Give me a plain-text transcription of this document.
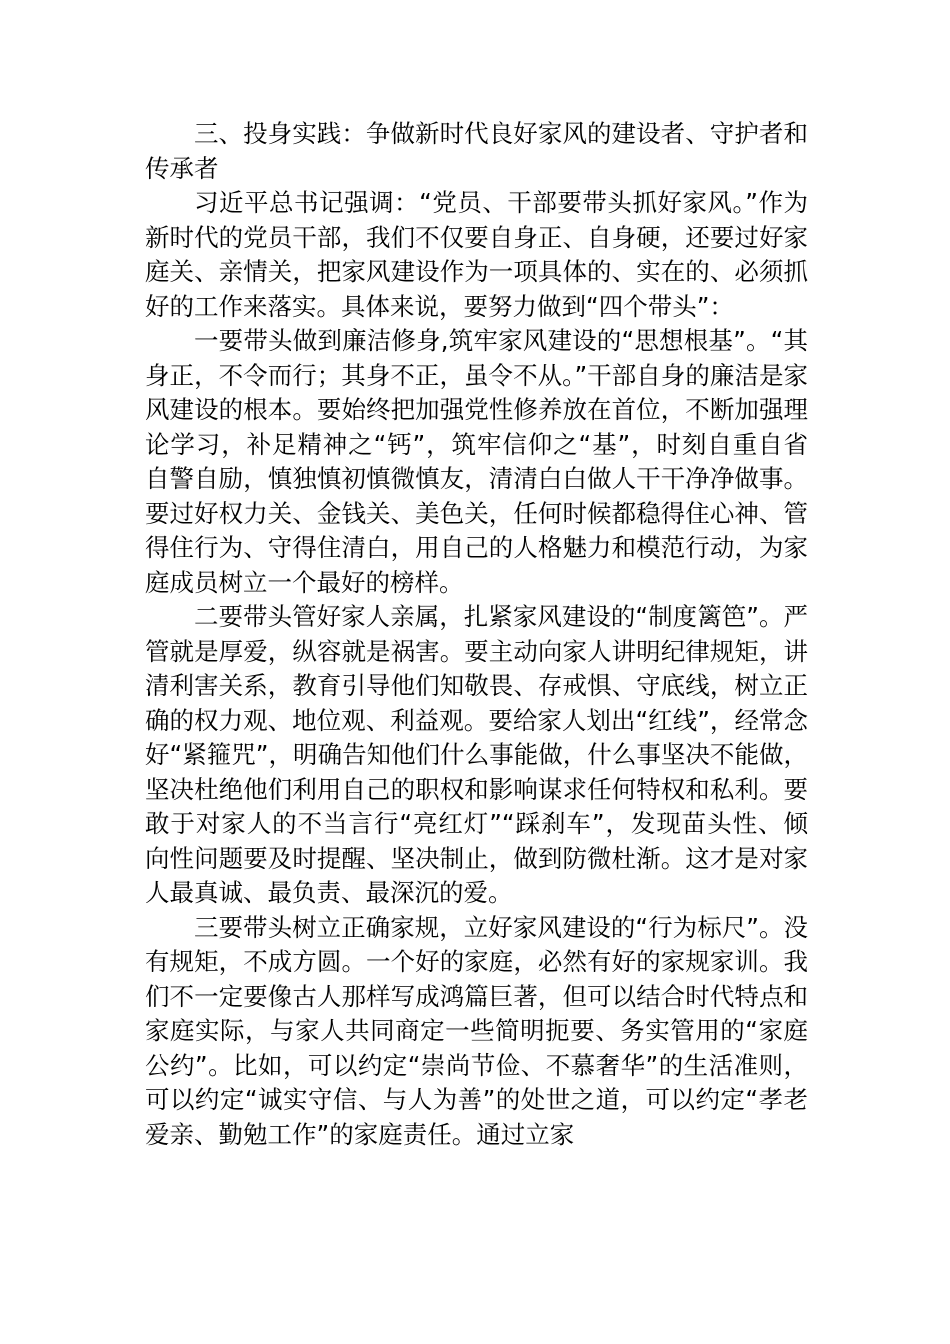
三、投身实践：争做新时代良好家风的建设者、守护者和传承者

习近平总书记强调：“党员、干部要带头抓好家风。”作为新时代的党员干部，我们不仅要自身正、自身硬，还要过好家庭关、亲情关，把家风建设作为一项具体的、实在的、必须抓好的工作来落实。具体来说，要努力做到“四个带头”：

一要带头做到廉洁修身,筑牢家风建设的“思想根基”。“其身正，不令而行；其身不正，虽令不从。”干部自身的廉洁是家风建设的根本。要始终把加强党性修养放在首位，不断加强理论学习，补足精神之“钙”，筑牢信仰之“基”，时刻自重自省自警自励，慎独慎初慎微慎友，清清白白做人干干净净做事。要过好权力关、金钱关、美色关，任何时候都稳得住心神、管得住行为、守得住清白，用自己的人格魅力和模范行动，为家庭成员树立一个最好的榜样。

二要带头管好家人亲属，扎紧家风建设的“制度篱笆”。严管就是厚爱，纵容就是祸害。要主动向家人讲明纪律规矩，讲清利害关系，教育引导他们知敬畏、存戒惧、守底线，树立正确的权力观、地位观、利益观。要给家人划出“红线”，经常念好“紧箍咒”，明确告知他们什么事能做，什么事坚决不能做，坚决杜绝他们利用自己的职权和影响谋求任何特权和私利。要敢于对家人的不当言行“亮红灯”“踩刹车”，发现苗头性、倾向性问题要及时提醒、坚决制止，做到防微杜渐。这才是对家人最真诚、最负责、最深沉的爱。

三要带头树立正确家规，立好家风建设的“行为标尺”。没有规矩，不成方圆。一个好的家庭，必然有好的家规家训。我们不一定要像古人那样写成鸿篇巨著，但可以结合时代特点和家庭实际，与家人共同商定一些简明扼要、务实管用的“家庭公约”。比如，可以约定“崇尚节俭、不慕奢华”的生活准则，可以约定“诚实守信、与人为善”的处世之道，可以约定“孝老爱亲、勤勉工作”的家庭责任。通过立家
